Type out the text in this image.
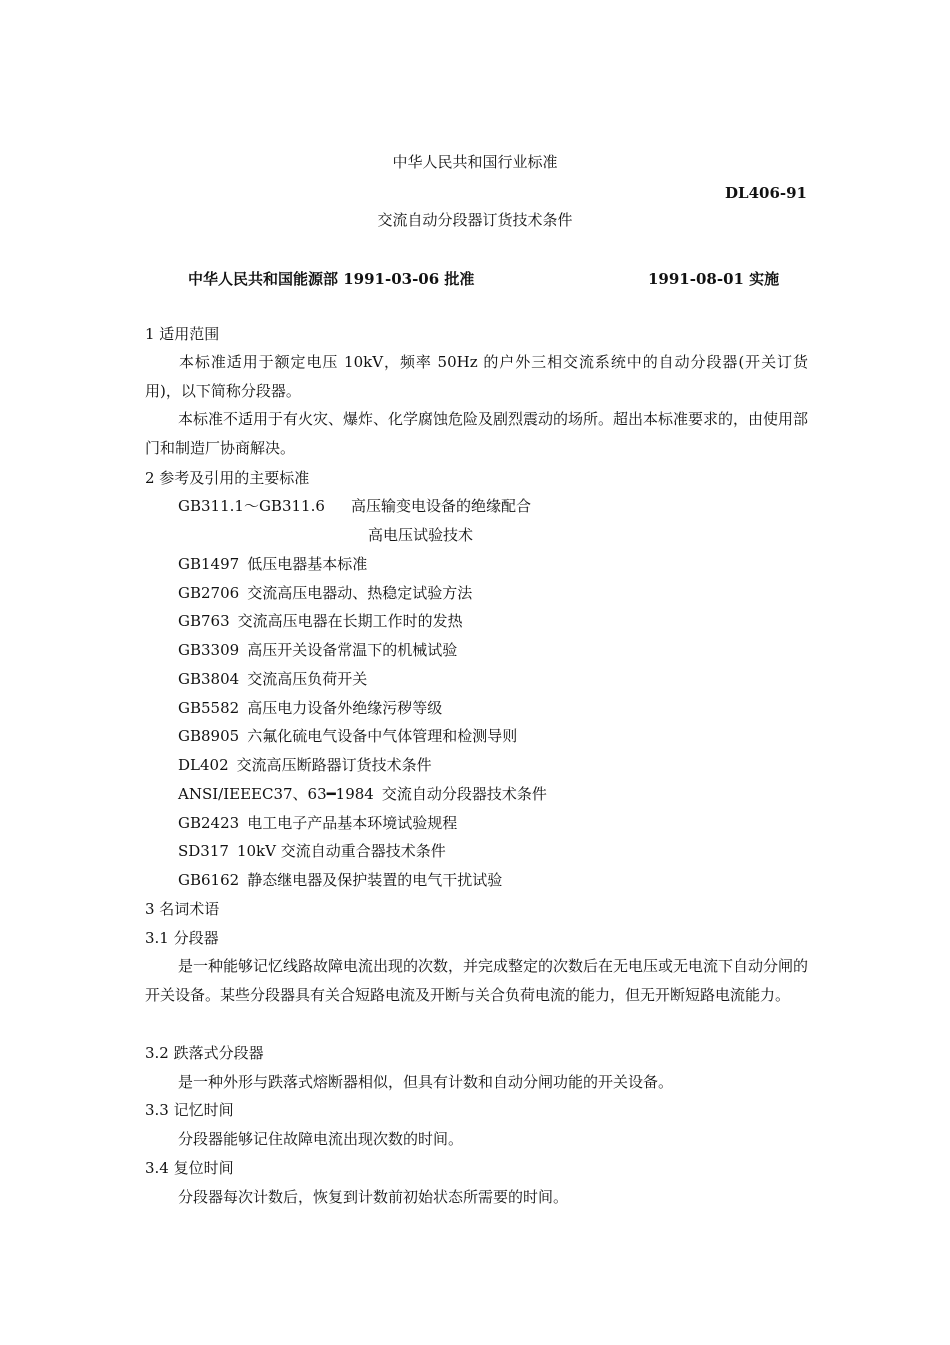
中华人民共和国行业标准
DL406-91
交流自动分段器订货技术条件
中华人民共和国能源部 1991-03-06 批准	1991-08-01 实施
1 适用范围
本标准适用于额定电压 10kV，频率 50Hz 的户外三相交流系统中的自动分段器(开关订货用)，以下简称分段器。
本标准不适用于有火灾、爆炸、化学腐蚀危险及剧烈震动的场所。超出本标准要求的，由使用部门和制造厂协商解决。
2 参考及引用的主要标准
GB311.1～GB311.6 高压输变电设备的绝缘配合
高电压试验技术
GB1497 低压电器基本标准
GB2706 交流高压电器动、热稳定试验方法
GB763 交流高压电器在长期工作时的发热
GB3309 高压开关设备常温下的机械试验
GB3804 交流高压负荷开关
GB5582 高压电力设备外绝缘污秽等级
GB8905 六氟化硫电气设备中气体管理和检测导则
DL402 交流高压断路器订货技术条件
ANSI/IEEEC37、63━1984 交流自动分段器技术条件
GB2423 电工电子产品基本环境试验规程
SD317 10kV 交流自动重合器技术条件
GB6162 静态继电器及保护装置的电气干扰试验
3 名词术语
3.1 分段器
是一种能够记忆线路故障电流出现的次数，并完成整定的次数后在无电压或无电流下自动分闸的开关设备。某些分段器具有关合短路电流及开断与关合负荷电流的能力，但无开断短路电流能力。
3.2 跌落式分段器
是一种外形与跌落式熔断器相似，但具有计数和自动分闸功能的开关设备。
3.3 记忆时间
分段器能够记住故障电流出现次数的时间。
3.4 复位时间
分段器每次计数后，恢复到计数前初始状态所需要的时间。
